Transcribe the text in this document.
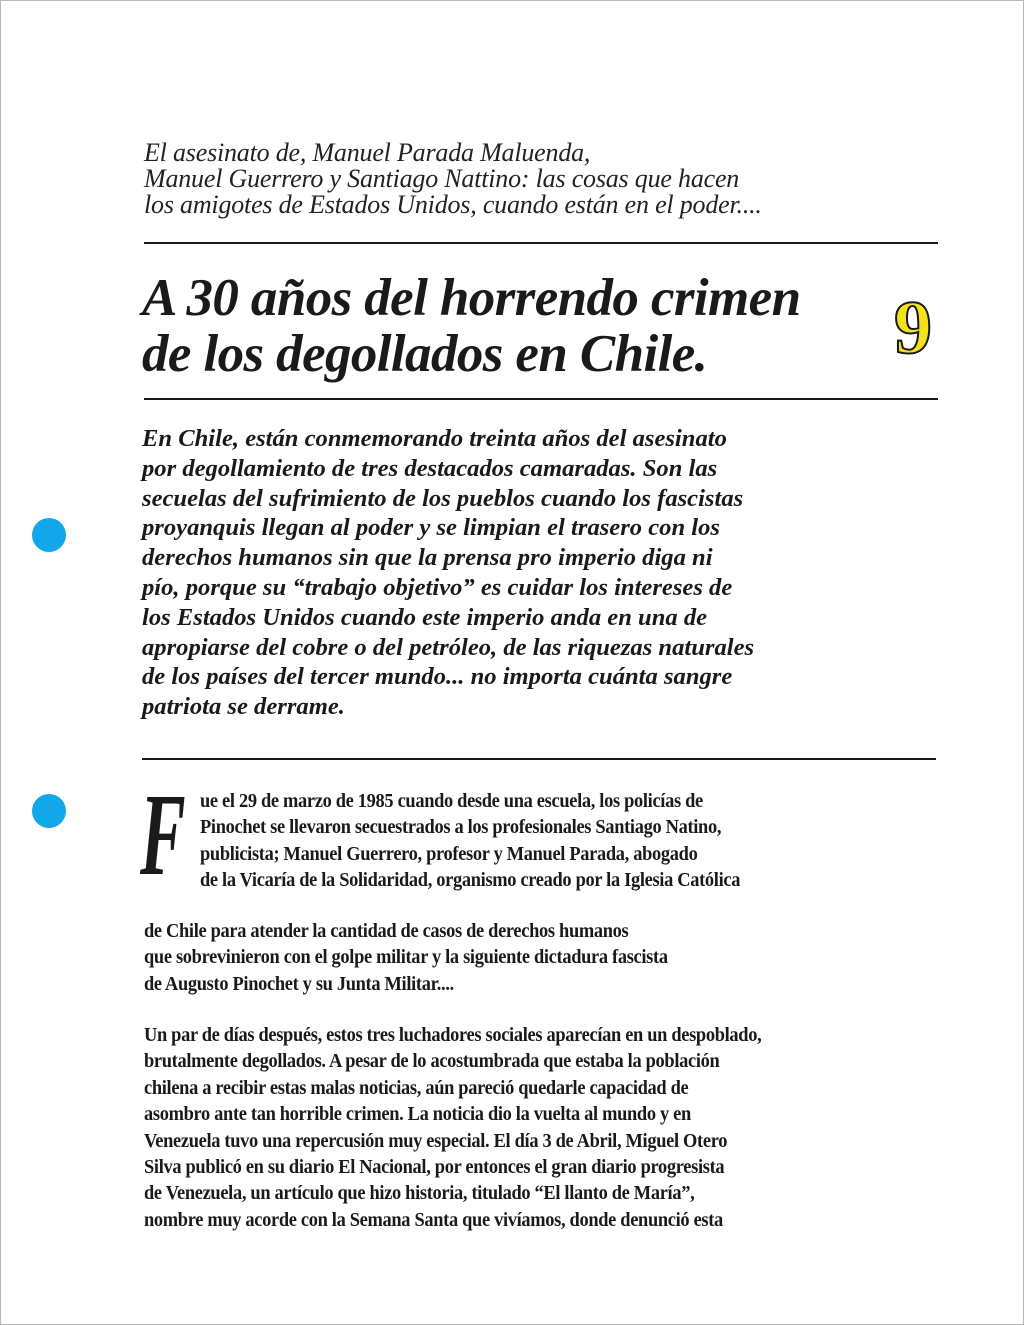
El asesinato de, Manuel Parada Maluenda,
Manuel Guerrero y Santiago Nattino: las cosas que hacen
los amigotes de Estados Unidos, cuando están en el poder....
A 30 años del horrendo crimen
de los degollados en Chile.	9
En Chile, están conmemorando treinta años del asesinato
por degollamiento de tres destacados camaradas. Son las
secuelas del sufrimiento de los pueblos cuando los fascistas
proyanquis llegan al poder y se limpian el trasero con los
derechos humanos sin que la prensa pro imperio diga ni
pío, porque su “trabajo objetivo” es cuidar los intereses de
los Estados Unidos cuando este imperio anda en una de
apropiarse del cobre o del petróleo, de las riquezas naturales
de los países del tercer mundo... no importa cuánta sangre
patriota se derrame.
F ue el 29 de marzo de 1985 cuando desde una escuela, los policías de
Pinochet se llevaron secuestrados a los profesionales Santiago Natino,
publicista; Manuel Guerrero, profesor y Manuel Parada, abogado
de la Vicaría de la Solidaridad, organismo creado por la Iglesia Católica
de Chile para atender la cantidad de casos de derechos humanos
que sobrevinieron con el golpe militar y la siguiente dictadura fascista
de Augusto Pinochet y su Junta Militar....
Un par de días después, estos tres luchadores sociales aparecían en un despoblado,
brutalmente degollados. A pesar de lo acostumbrada que estaba la población
chilena a recibir estas malas noticias, aún pareció quedarle capacidad de
asombro ante tan horrible crimen. La noticia dio la vuelta al mundo y en
Venezuela tuvo una repercusión muy especial. El día 3 de Abril, Miguel Otero
Silva publicó en su diario El Nacional, por entonces el gran diario progresista
de Venezuela, un artículo que hizo historia, titulado “El llanto de María”,
nombre muy acorde con la Semana Santa que vivíamos, donde denunció esta
